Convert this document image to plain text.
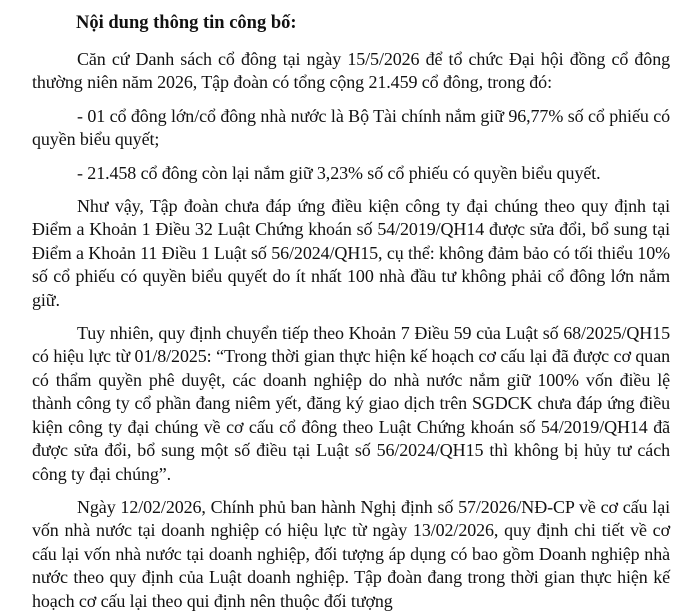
Nội dung thông tin công bố:

Căn cứ Danh sách cổ đông tại ngày 15/5/2026 để tổ chức Đại hội đồng cổ đông thường niên năm 2026, Tập đoàn có tổng cộng 21.459 cổ đông, trong đó:

- 01 cổ đông lớn/cổ đông nhà nước là Bộ Tài chính nắm giữ 96,77% số cổ phiếu có quyền biểu quyết;

- 21.458 cổ đông còn lại nắm giữ 3,23% số cổ phiếu có quyền biểu quyết.

Như vậy, Tập đoàn chưa đáp ứng điều kiện công ty đại chúng theo quy định tại Điểm a Khoản 1 Điều 32 Luật Chứng khoán số 54/2019/QH14 được sửa đổi, bổ sung tại Điểm a Khoản 11 Điều 1 Luật số 56/2024/QH15, cụ thể: không đảm bảo có tối thiểu 10% số cổ phiếu có quyền biểu quyết do ít nhất 100 nhà đầu tư không phải cổ đông lớn nắm giữ.

Tuy nhiên, quy định chuyển tiếp theo Khoản 7 Điều 59 của Luật số 68/2025/QH15 có hiệu lực từ 01/8/2025: “Trong thời gian thực hiện kế hoạch cơ cấu lại đã được cơ quan có thẩm quyền phê duyệt, các doanh nghiệp do nhà nước nắm giữ 100% vốn điều lệ thành công ty cổ phần đang niêm yết, đăng ký giao dịch trên SGDCK chưa đáp ứng điều kiện công ty đại chúng về cơ cấu cổ đông theo Luật Chứng khoán số 54/2019/QH14 đã được sửa đổi, bổ sung một số điều tại Luật số 56/2024/QH15 thì không bị hủy tư cách công ty đại chúng”.

Ngày 12/02/2026, Chính phủ ban hành Nghị định số 57/2026/NĐ-CP về cơ cấu lại vốn nhà nước tại doanh nghiệp có hiệu lực từ ngày 13/02/2026, quy định chi tiết về cơ cấu lại vốn nhà nước tại doanh nghiệp, đối tượng áp dụng có bao gồm Doanh nghiệp nhà nước theo quy định của Luật doanh nghiệp. Tập đoàn đang trong thời gian thực hiện kế hoạch cơ cấu lại theo qui định nên thuộc đối tượng
